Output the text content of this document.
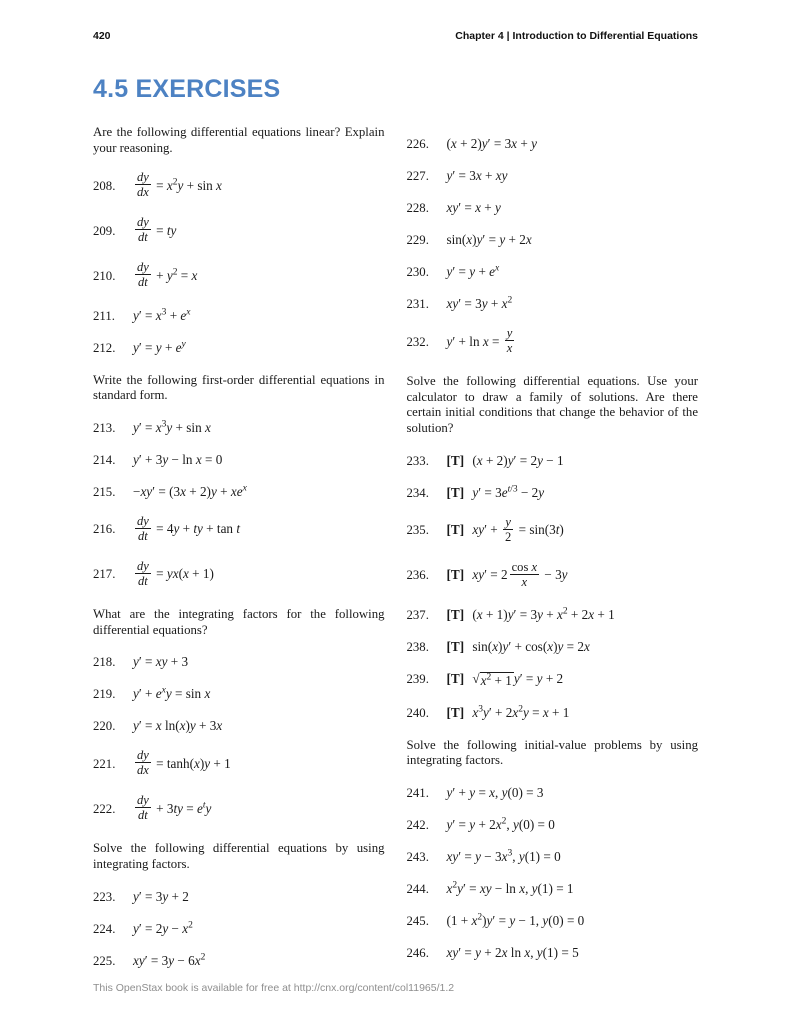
420	Chapter 4 | Introduction to Differential Equations
4.5 EXERCISES

Are the following differential equations linear? Explain your reasoning.

208. $\frac{dy}{dx} = x^2y + \sin x$
209. $\frac{dy}{dt}$ = ty
210. $\frac{dy}{dt} + y^2 = x$
211. $y' = x^3 + e^x$
212. $y' = y + e^y$

Write the following first-order differential equations in standard form.

213. $y' = x^3y + \sin x$
214. y′ + 3y − ln x = 0
215. $-xy' = (3x + 2)y + xe^x$
216. $\frac{dy}{dt} = 4y$ + ty + tan t
217. $\frac{dy}{dt} = yx(x + 1)$

What are the integrating factors for the following differential equations?

218. y′ = xy + 3
219. $y' + e^xy = \sin x$
220. y′ = x ln(x)y + 3x
221. $\frac{dy}{dx} = \tanh(x)y + 1$
222. $\frac{dy}{dt} + 3ty = e^ty$

Solve the following differential equations by using integrating factors.

223. y′ = 3y + 2
224. $y' = 2y - x^2$
225. $xy' = 3y - 6x^2$
226. (x + 2)y′ = 3x + y
227. y′ = 3x + xy
228. xy′ = x + y
229. sin(x)y′ = y + 2x
230. $y' = y + e^x$
231. $xy' = 3y + x^2$
232. $y' + \ln x = \frac{y}{x}$

Solve the following differential equations. Use your calculator to draw a family of solutions. Are there certain initial conditions that change the behavior of the solution?

233. [T] (x + 2)y′ = 2y − 1
234. [T] $y' = 3e^{t/3} - 2y$
235. [T] $xy' + \frac{y}{2} = \sin(3t)$
236. [T] $xy' = 2 \frac{\text{cos x}}{x} - 3y$
237. [T] $(x + 1)y' = 3y + x^2 + 2x + 1$
238. [T] sin(x)y′ + cos(x)y = 2x
239. [T] √ $x^2 + 1$ y′ = y + 2
240. [T] $x^3y' + 2x^2y = x + 1$

Solve the following initial-value problems by using integrating factors.

241. y′ + y = x, y(0) = 3
242. $y' = y + 2x^2$, y(0) = 0
243. $xy' = y - 3x^3$, y(1) = 0
244. $x^2y'$ = xy − ln x, y(1) = 1
245. $(1 + x^2)y' = y - 1$, y(0) = 0
246. xy′ = y + 2x ln x, y(1) = 5
This OpenStax book is available for free at http://cnx.org/content/col11965/1.2
